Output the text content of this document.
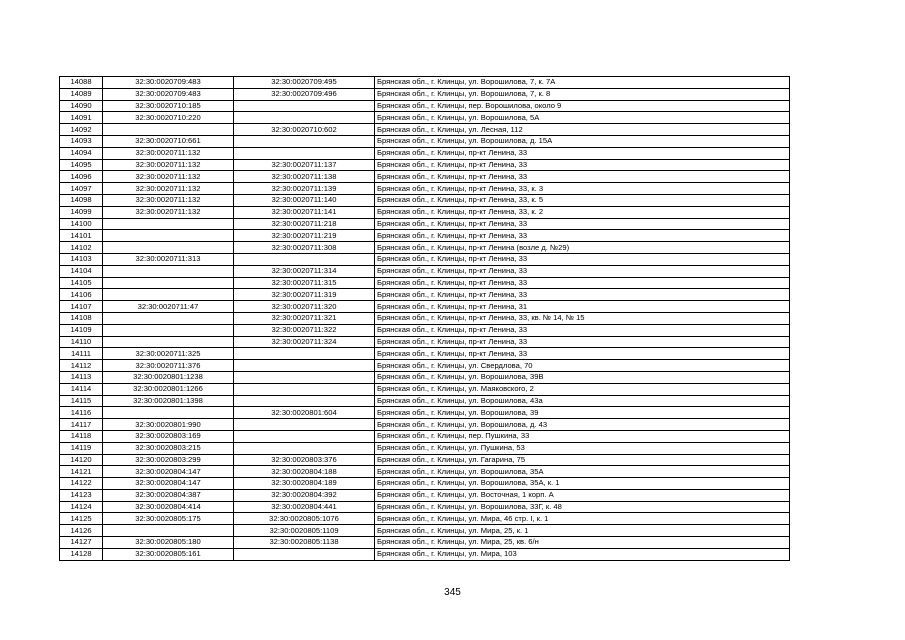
14088	32:30:0020709:483	32:30:0020709:495	Брянская обл., г. Клинцы, ул. Ворошилова, 7, к. 7А
14089	32:30:0020709:483	32:30:0020709:496	Брянская обл., г. Клинцы, ул. Ворошилова, 7, к. 8
14090	32:30:0020710:185		Брянская обл., г. Клинцы, пер. Ворошилова, около 9
14091	32:30:0020710:220		Брянская обл., г. Клинцы, ул. Ворошилова, 5А
14092		32:30:0020710:602	Брянская обл., г. Клинцы, ул. Лесная, 112
14093	32:30:0020710:661		Брянская обл., г. Клинцы, ул. Ворошилова, д. 15А
14094	32:30:0020711:132		Брянская обл., г. Клинцы, пр-кт Ленина, 33
14095	32:30:0020711:132	32:30:0020711:137	Брянская обл., г. Клинцы, пр-кт Ленина, 33
14096	32:30:0020711:132	32:30:0020711:138	Брянская обл., г. Клинцы, пр-кт Ленина, 33
14097	32:30:0020711:132	32:30:0020711:139	Брянская обл., г. Клинцы, пр-кт Ленина, 33, к. 3
14098	32:30:0020711:132	32:30:0020711:140	Брянская обл., г. Клинцы, пр-кт Ленина, 33, к. 5
14099	32:30:0020711:132	32:30:0020711:141	Брянская обл., г. Клинцы, пр-кт Ленина, 33, к. 2
14100		32:30:0020711:218	Брянская обл., г. Клинцы, пр-кт Ленина, 33
14101		32:30:0020711:219	Брянская обл., г. Клинцы, пр-кт Ленина, 33
14102		32:30:0020711:308	Брянская обл., г. Клинцы, пр-кт Ленина (возле д. №29)
14103	32:30:0020711:313		Брянская обл., г. Клинцы, пр-кт Ленина, 33
14104		32:30:0020711:314	Брянская обл., г. Клинцы, пр-кт Ленина, 33
14105		32:30:0020711:315	Брянская обл., г. Клинцы, пр-кт Ленина, 33
14106		32:30:0020711:319	Брянская обл., г. Клинцы, пр-кт Ленина, 33
14107	32:30:0020711:47	32:30:0020711:320	Брянская обл., г. Клинцы, пр-кт Ленина, 31
14108		32:30:0020711:321	Брянская обл., г. Клинцы, пр-кт Ленина, 33, кв. № 14, № 15
14109		32:30:0020711:322	Брянская обл., г. Клинцы, пр-кт Ленина, 33
14110		32:30:0020711:324	Брянская обл., г. Клинцы, пр-кт Ленина, 33
14111	32:30:0020711:325		Брянская обл., г. Клинцы, пр-кт Ленина, 33
14112	32:30:0020711:376		Брянская обл., г. Клинцы, ул. Свердлова, 70
14113	32:30:0020801:1238		Брянская обл., г. Клинцы, ул. Ворошилова, 39В
14114	32:30:0020801:1266		Брянская обл., г. Клинцы, ул. Маяковского, 2
14115	32:30:0020801:1398		Брянская обл., г. Клинцы, ул. Ворошилова, 43а
14116		32:30:0020801:604	Брянская обл., г. Клинцы, ул. Ворошилова, 39
14117	32:30:0020801:990		Брянская обл., г. Клинцы, ул. Ворошилова, д. 43
14118	32:30:0020803:169		Брянская обл., г. Клинцы, пер. Пушкина, 33
14119	32:30:0020803:215		Брянская обл., г. Клинцы, ул. Пушкина, 53
14120	32:30:0020803:299	32:30:0020803:376	Брянская обл., г. Клинцы, ул. Гагарина, 75
14121	32:30:0020804:147	32:30:0020804:188	Брянская обл., г. Клинцы, ул. Ворошилова, 35А
14122	32:30:0020804:147	32:30:0020804:189	Брянская обл., г. Клинцы, ул. Ворошилова, 35А, к. 1
14123	32:30:0020804:387	32:30:0020804:392	Брянская обл., г. Клинцы, ул. Восточная, 1 корп. А
14124	32:30:0020804:414	32:30:0020804:441	Брянская обл., г. Клинцы, ул. Ворошилова, 33Г, к. 48
14125	32:30:0020805:175	32:30:0020805:1076	Брянская обл., г. Клинцы, ул. Мира, 46 стр. I, к. 1
14126		32:30:0020805:1109	Брянская обл., г. Клинцы, ул. Мира, 25, к. 1
14127	32:30:0020805:180	32:30:0020805:1138	Брянская обл., г. Клинцы, ул. Мира, 25, кв. 6/н
14128	32:30:0020805:161		Брянская обл., г. Клинцы, ул. Мира, 103
345
